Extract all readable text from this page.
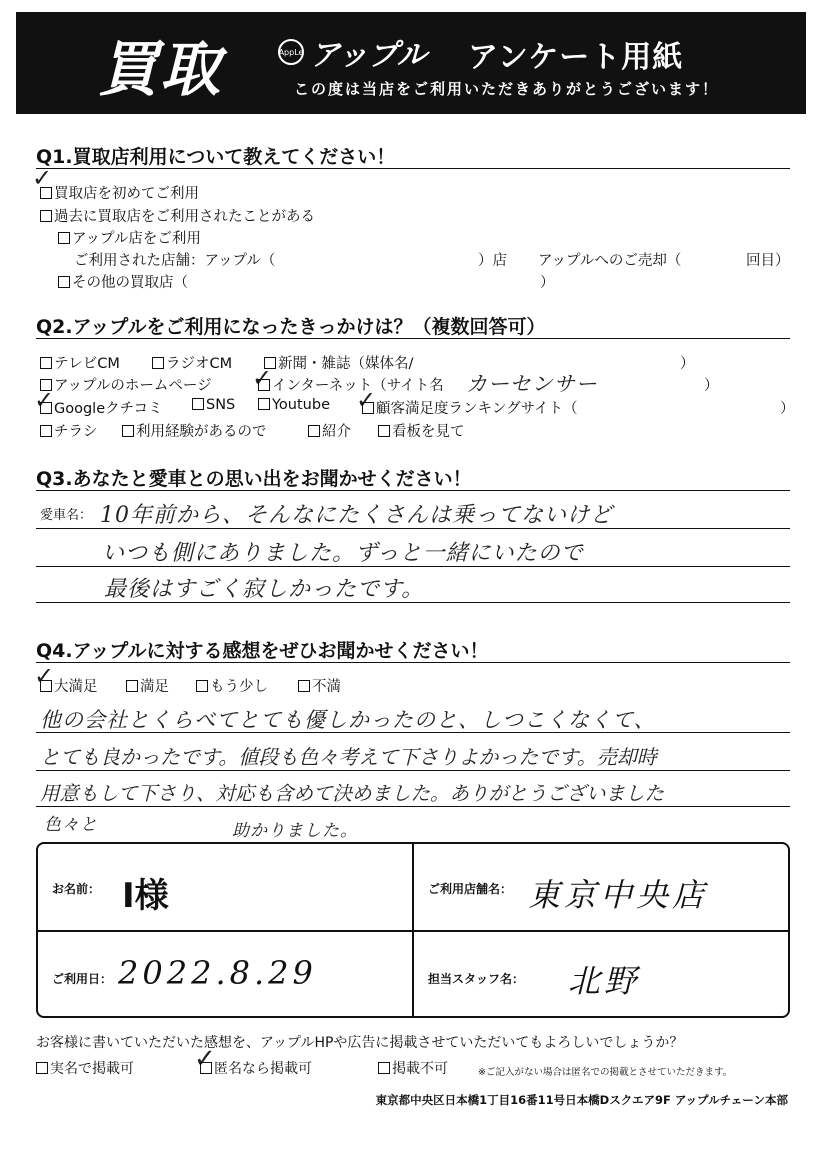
買取	AppLe アップル アンケート用紙
この度は当店をご利用いただきありがとうございます！
Q1.買取店利用について教えてください！
✓
買取店を初めてご利用
過去に買取店をご利用されたことがある
アップル店をご利用
ご利用された店舗：アップル（	）店 アップルへのご売却（	回目）
その他の買取店（	）
Q2.アップルをご利用になったきっかけは？（複数回答可）
テレビCM	ラジオCM	新聞・雑誌（媒体名/	）
アップルのホームページ ✓ インターネット（サイト名 カーセンサー	）
✓ Googleクチコミ	SNS	Youtube ✓ 顧客満足度ランキングサイト（	）
チラシ	利用経験があるので	紹介	看板を見て
Q3.あなたと愛車との思い出をお聞かせください！
愛車名： 10年前から、そんなにたくさんは乗ってないけど
いつも側にありました。ずっと一緒にいたので
最後はすごく寂しかったです。
Q4.アップルに対する感想をぜひお聞かせください！
✓ 大満足	満足	もう少し	不満
他の会社とくらべてとても優しかったのと、しつこくなくて、
とても良かったです。値段も色々考えて下さりよかったです。売却時
用意もして下さり、対応も含めて決めました。ありがとうございました
色々と	助かりました。
お名前： I様	ご利用店舗名： 東京中央店
ご利用日： 2022.8.29	担当スタッフ名： 北野
お客様に書いていただいた感想を、アップルHPや広告に掲載させていただいてもよろしいでしょうか？
実名で掲載可 ✓
匿名なら掲載可	掲載不可	※ご記入がない場合は匿名での掲載とさせていただきます。
東京都中央区日本橋1丁目16番11号日本橋Dスクエア9F アップルチェーン本部
